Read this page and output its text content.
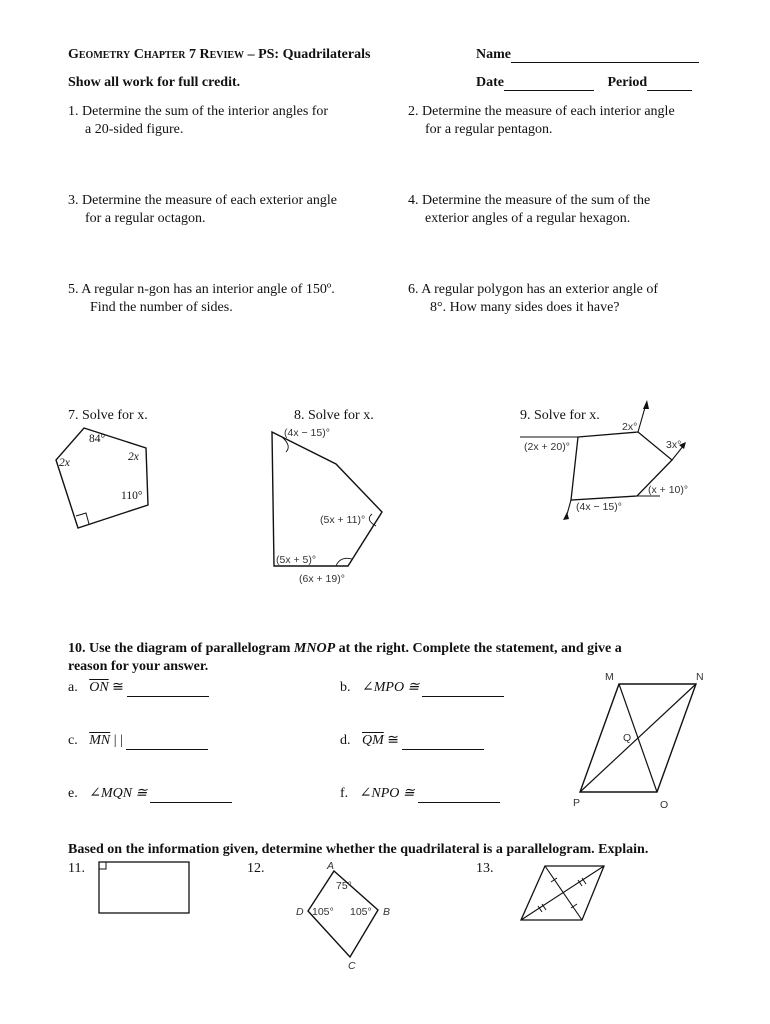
Geometry Chapter 7 Review – PS: Quadrilaterals	Name
Show all work for full credit.	Date	Period
1. Determine the sum of the interior angles for
a 20-sided figure.
2. Determine the measure of each interior angle
for a regular pentagon.
3. Determine the measure of each exterior angle
for a regular octagon.
4. Determine the measure of the sum of the
exterior angles of a regular hexagon.
5. A regular n-gon has an interior angle of 150º.
Find the number of sides.
6. A regular polygon has an exterior angle of
8°. How many sides does it have?
7. Solve for x.	8. Solve for x.	9. Solve for x.
84°
2x
2x
110°
(4x − 15)°
(5x + 11)°
(5x + 5)°
(6x + 19)°
2x°
(2x + 20)°	3x°
(x + 10)°
(4x − 15)°
10. Use the diagram of parallelogram MNOP at the right. Complete the statement, and give a
reason for your answer.
a. $\overline{ON}$ ≅	b. ∠MPO ≅
c. $\overline{MN}$ | |	d. $\overline{QM}$ ≅
e. ∠MQN ≅	f. ∠NPO ≅
M	N
O
P
Q
Based on the information given, determine whether the quadrilateral is a parallelogram. Explain.
11.	12.	13.
A
B
C
D
75°
105° 105°
